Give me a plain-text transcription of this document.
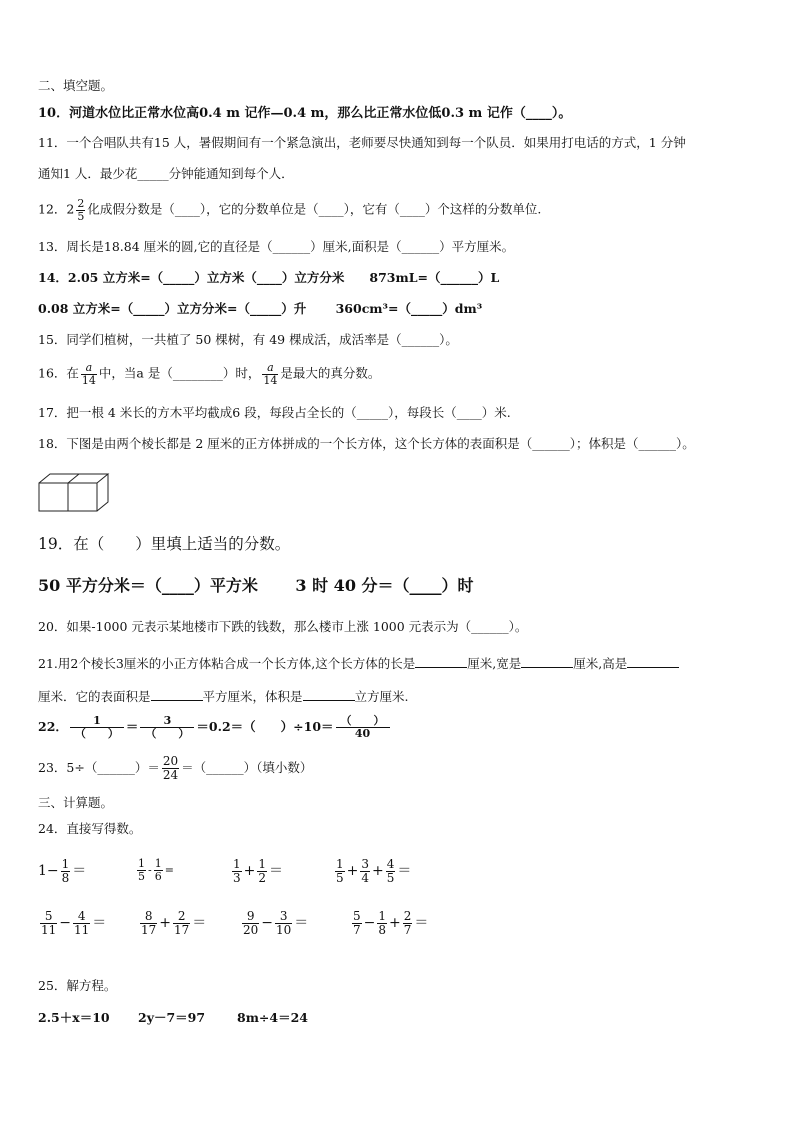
二、填空题。
10．河道水位比正常水位高0.4 m 记作—0.4 m，那么比正常水位低0.3 m 记作（____）。
11．一个合唱队共有15 人，暑假期间有一个紧急演出，老师要尽快通知到每一个队员．如果用打电话的方式，1 分钟
通知1 人．最少花_____分钟能通知到每个人．
12．$2 \frac{2}{5}$ 化成假分数是（____），它的分数单位是（____），它有（____）个这样的分数单位.
13．周长是18.84 厘米的圆,它的直径是（______）厘米,面积是（______）平方厘米。
14．2.05 立方米=（_____）立方米（____）立方分米　　873mL=（______）L
0.08 立方米=（_____）立方分米=（_____）升　　 360cm³=（_____）dm³
15．同学们植树，一共植了 50 棵树，有 49 棵成活，成活率是（______）。
16．在 $\frac{a}{14}$ 中，当a 是（________）时， $\frac{a}{14}$ 是最大的真分数。
17．把一根 4 米长的方木平均截成6 段，每段占全长的（_____），每段长（____）米.
18．下图是由两个棱长都是 2 厘米的正方体拼成的一个长方体，这个长方体的表面积是（______）；体积是（______）。
19．在（　　）里填上适当的分数。
50 平方分米＝（____）平方米　　 3 时 40 分＝（____）时
20．如果-1000 元表示某地楼市下跌的钱数，那么楼市上涨 1000 元表示为（______）。
21.用2个棱长3厘米的小正方体粘合成一个长方体,这个长方体的长是	厘米,宽是	厘米,高是
厘米．它的表面积是	平方厘米，体积是	立方厘米.
22． $\frac{1}{( )} = \frac{3}{( )} =0.2=$（　　）$\div 10= \frac{( )}{40}$
23．5÷（______）＝ $\frac{20}{24}$ ＝（______）（填小数）
三、计算题。
24．直接写得数。
$1- \frac{1}{8}$ ＝	$\frac{1}{5} - \frac{1}{6}$ =	$\frac{1}{3} + \frac{1}{2}$ ＝	$\frac{1}{5} + \frac{3}{4} + \frac{4}{5}$ ＝
$\frac{5}{11} - \frac{4}{11}$ ＝	$\frac{8}{17} + \frac{2}{17}$ ＝	$\frac{9}{20} - \frac{3}{10}$ ＝	$\frac{5}{7} - \frac{1}{8} + \frac{2}{7}$ ＝
25．解方程。
2.5＋x＝10 2y－7＝97	8m÷4＝24
